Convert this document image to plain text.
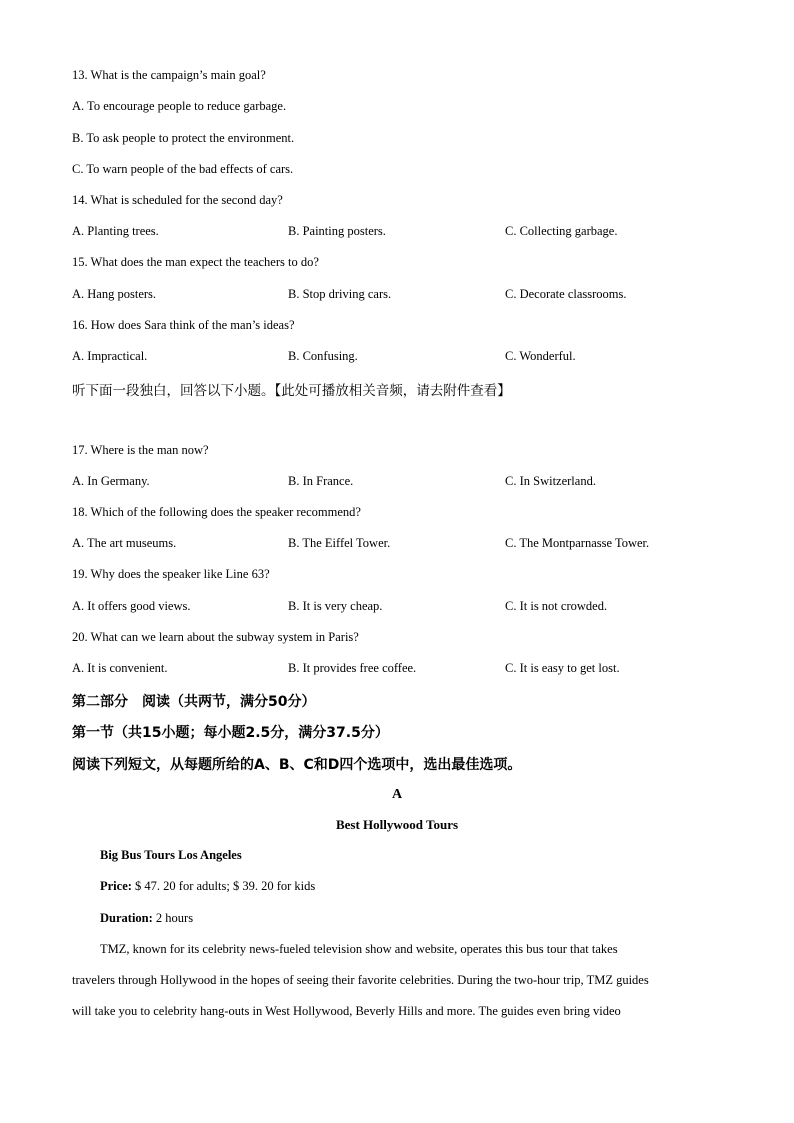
13. What is the campaign’s main goal?
A. To encourage people to reduce garbage.
B. To ask people to protect the environment.
C. To warn people of the bad effects of cars.
14. What is scheduled for the second day?
A. Planting trees.	B. Painting posters.	C. Collecting garbage.
15. What does the man expect the teachers to do?
A. Hang posters.	B. Stop driving cars.	C. Decorate classrooms.
16. How does Sara think of the man’s ideas?
A. Impractical.	B. Confusing.	C. Wonderful.
听下面一段独白，回答以下小题。【此处可播放相关音频，请去附件查看】
17. Where is the man now?
A. In Germany.	B. In France.	C. In Switzerland.
18. Which of the following does the speaker recommend?
A. The art museums.	B. The Eiffel Tower.	C. The Montparnasse Tower.
19. Why does the speaker like Line 63?
A. It offers good views.	B. It is very cheap.	C. It is not crowded.
20. What can we learn about the subway system in Paris?
A. It is convenient.	B. It provides free coffee.	C. It is easy to get lost.
第二部分　阅读（共两节，满分50分）
第一节（共15小题；每小题2.5分，满分37.5分）
阅读下列短文，从每题所给的A、B、C和D四个选项中，选出最佳选项。
A
Best Hollywood Tours
Big Bus Tours Los Angeles
Price: $ 47. 20 for adults; $ 39. 20 for kids
Duration: 2 hours
TMZ, known for its celebrity news-fueled television show and website, operates this bus tour that takes
travelers through Hollywood in the hopes of seeing their favorite celebrities. During the two-hour trip, TMZ guides
will take you to celebrity hang-outs in West Hollywood, Beverly Hills and more. The guides even bring video
